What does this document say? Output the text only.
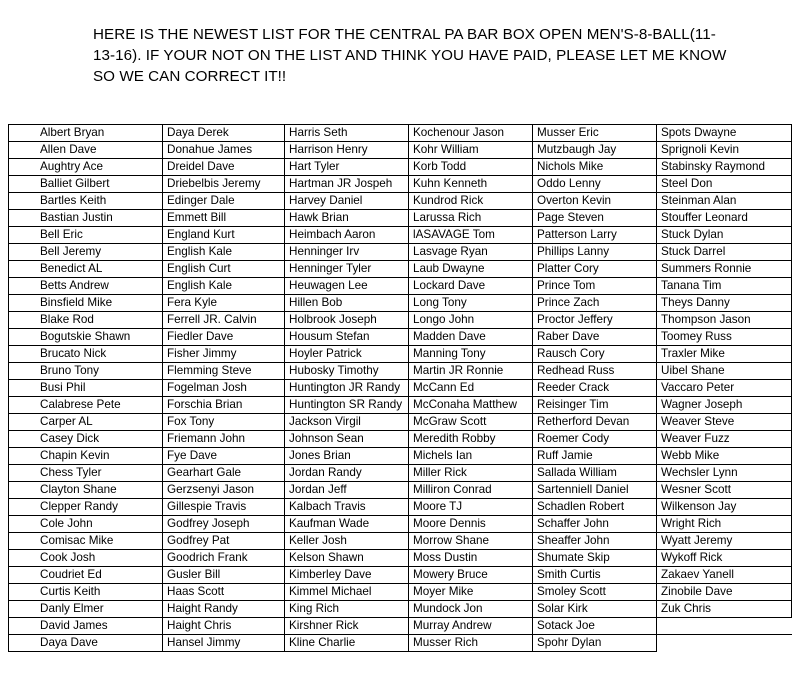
HERE IS THE NEWEST LIST FOR THE CENTRAL PA BAR BOX OPEN MEN'S-8-BALL(11-13-16). IF YOUR NOT ON THE LIST AND THINK YOU HAVE PAID, PLEASE LET ME KNOW SO WE CAN CORRECT IT!!
Albert Bryan	Daya Derek	Harris Seth	Kochenour Jason	Musser Eric	Spots Dwayne
Allen Dave	Donahue James	Harrison Henry	Kohr William	Mutzbaugh Jay	Sprignoli Kevin
Aughtry Ace	Dreidel Dave	Hart Tyler	Korb Todd	Nichols Mike	Stabinsky Raymond
Balliet Gilbert	Driebelbis Jeremy	Hartman JR Jospeh	Kuhn Kenneth	Oddo Lenny	Steel Don
Bartles Keith	Edinger Dale	Harvey Daniel	Kundrod Rick	Overton Kevin	Steinman Alan
Bastian Justin	Emmett Bill	Hawk Brian	Larussa Rich	Page Steven	Stouffer Leonard
Bell Eric	England Kurt	Heimbach Aaron	lASAVAGE Tom	Patterson Larry	Stuck Dylan
Bell Jeremy	English Kale	Henninger Irv	Lasvage Ryan	Phillips Lanny	Stuck Darrel
Benedict AL	English Curt	Henninger Tyler	Laub Dwayne	Platter Cory	Summers Ronnie
Betts Andrew	English Kale	Heuwagen Lee	Lockard Dave	Prince Tom	Tanana Tim
Binsfield Mike	Fera Kyle	Hillen Bob	Long Tony	Prince Zach	Theys Danny
Blake Rod	Ferrell JR. Calvin	Holbrook Joseph	Longo John	Proctor Jeffery	Thompson Jason
Bogutskie Shawn	Fiedler Dave	Housum Stefan	Madden Dave	Raber Dave	Toomey Russ
Brucato Nick	Fisher Jimmy	Hoyler Patrick	Manning Tony	Rausch Cory	Traxler Mike
Bruno Tony	Flemming Steve	Hubosky Timothy	Martin JR Ronnie	Redhead Russ	Uibel Shane
Busi Phil	Fogelman Josh	Huntington JR Randy	McCann Ed	Reeder Crack	Vaccaro Peter
Calabrese Pete	Forschia Brian	Huntington SR Randy	McConaha Matthew	Reisinger Tim	Wagner Joseph
Carper AL	Fox Tony	Jackson Virgil	McGraw Scott	Retherford Devan	Weaver Steve
Casey Dick	Friemann John	Johnson Sean	Meredith Robby	Roemer Cody	Weaver Fuzz
Chapin Kevin	Fye Dave	Jones Brian	Michels Ian	Ruff Jamie	Webb Mike
Chess Tyler	Gearhart Gale	Jordan Randy	Miller Rick	Sallada William	Wechsler Lynn
Clayton Shane	Gerzsenyi Jason	Jordan Jeff	Milliron Conrad	Sartenniell Daniel	Wesner Scott
Clepper Randy	Gillespie Travis	Kalbach Travis	Moore TJ	Schadlen Robert	Wilkenson Jay
Cole John	Godfrey Joseph	Kaufman Wade	Moore Dennis	Schaffer John	Wright Rich
Comisac Mike	Godfrey Pat	Keller Josh	Morrow Shane	Sheaffer John	Wyatt Jeremy
Cook Josh	Goodrich Frank	Kelson Shawn	Moss Dustin	Shumate Skip	Wykoff Rick
Coudriet Ed	Gusler Bill	Kimberley Dave	Mowery Bruce	Smith Curtis	Zakaev Yanell
Curtis Keith	Haas Scott	Kimmel Michael	Moyer Mike	Smoley Scott	Zinobile Dave
Danly Elmer	Haight Randy	King Rich	Mundock Jon	Solar Kirk	Zuk Chris
David James	Haight Chris	Kirshner Rick	Murray Andrew	Sotack Joe	
Daya Dave	Hansel Jimmy	Kline Charlie	Musser Rich	Spohr Dylan	
